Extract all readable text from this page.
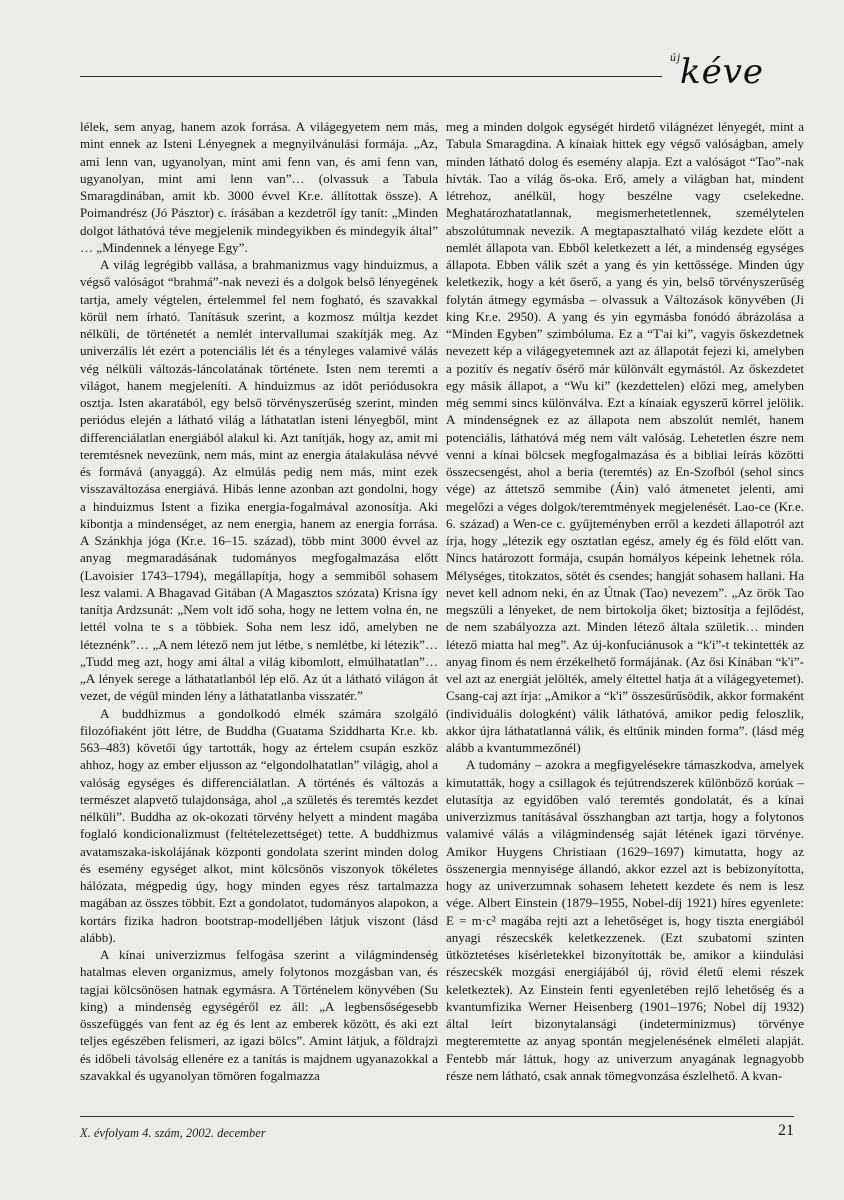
új
kéve

lélek, sem anyag, hanem azok forrása. A világegyetem nem más, mint ennek az Isteni Lényegnek a megnyilvánulási formája. „Az, ami lenn van, ugyanolyan, mint ami fenn van, és ami fenn van, ugyanolyan, mint ami lenn van”… (olvassuk a Tabula Smaragdinában, amit kb. 3000 évvel Kr.e. állítottak össze). A Poimandrész (Jó Pásztor) c. írásában a kezdetről így tanít: „Minden dolgot láthatóvá téve megjelenik mindegyikben és mindegyik által” … „Mindennek a lényege Egy”.

A világ legrégibb vallása, a brahmanizmus vagy hinduizmus, a végső valóságot “brahmá”-nak nevezi és a dolgok belső lényegének tartja, amely végtelen, értelemmel fel nem fogható, és szavakkal körül nem írható. Tanításuk szerint, a kozmosz múltja kezdet nélküli, de történetét a nemlét intervallumai szakítják meg. Az univerzális lét ezért a potenciális lét és a tényleges valamivé válás vég nélküli változás-láncolatának története. Isten nem teremti a világot, hanem megjeleníti. A hinduizmus az időt periódusokra osztja. Isten akaratából, egy belső törvényszerűség szerint, minden periódus elején a látható világ a láthatatlan isteni lényegből, mint differenciálatlan energiából alakul ki. Azt tanítják, hogy az, amit mi teremtésnek nevezünk, nem más, mint az energia átalakulása névvé és formává (anyaggá). Az elmúlás pedig nem más, mint ezek visszaváltozása energiává. Hibás lenne azonban azt gondolni, hogy a hinduizmus Istent a fizika energia-fogalmával azonosítja. Aki kibontja a mindenséget, az nem energia, hanem az energia forrása. A Szánkhja jóga (Kr.e. 16–15. század), több mint 3000 évvel az anyag megmaradásának tudományos megfogalmazása előtt (Lavoisier 1743–1794), megállapítja, hogy a semmiből sohasem lesz valami. A Bhagavad Gitában (A Magasztos szózata) Krisna így tanítja Ardzsunát: „Nem volt idő soha, hogy ne lettem volna én, ne lettél volna te s a többiek. Soha nem lesz idő, amelyben ne léteznénk”… „A nem létező nem jut létbe, s nemlétbe, ki létezik”… „Tudd meg azt, hogy ami által a világ kibomlott, elmúlhatatlan”… „A lények serege a láthatatlanból lép elő. Az út a látható világon át vezet, de végül minden lény a láthatatlanba visszatér.”

A buddhizmus a gondolkodó elmék számára szolgáló filozófiaként jött létre, de Buddha (Guatama Sziddharta Kr.e. kb. 563–483) követői úgy tartották, hogy az értelem csupán eszköz ahhoz, hogy az ember eljusson az “elgondolhatatlan” világig, ahol a valóság egységes és differenciálatlan. A történés és változás a természet alapvető tulajdonsága, ahol „a születés és teremtés kezdet nélküli”. Buddha az ok-okozati törvény helyett a mindent magába foglaló kondicionalizmust (feltételezettséget) tette. A buddhizmus avatamszaka-iskolájának központi gondolata szerint minden dolog és esemény egységet alkot, mint kölcsönös viszonyok tökéletes hálózata, mégpedig úgy, hogy minden egyes rész tartalmazza magában az összes többit. Ezt a gondolatot, tudományos alapokon, a kortárs fizika hadron bootstrap-modelljében látjuk viszont (lásd alább).

A kínai univerzizmus felfogása szerint a világmindenség hatalmas eleven organizmus, amely folytonos mozgásban van, és tagjai kölcsönösen hatnak egymásra. A Történelem könyvében (Su king) a mindenség egységéről ez áll: „A legbensőségesebb összefüggés van fent az ég és lent az emberek között, és aki ezt teljes egészében felismeri, az igazi bölcs”. Amint látjuk, a földrajzi és időbeli távolság ellenére ez a tanítás is majdnem ugyanazokkal a szavakkal és ugyanolyan tömören fogalmazza

meg a minden dolgok egységét hirdető világnézet lényegét, mint a Tabula Smaragdina. A kínaiak hittek egy végső valóságban, amely minden látható dolog és esemény alapja. Ezt a valóságot “Tao”-nak hívták. Tao a világ ős-oka. Erő, amely a világban hat, mindent létrehoz, anélkül, hogy beszélne vagy cselekedne. Meghatározhatatlannak, megismerhetetlennek, személytelen abszolútumnak nevezik. A megtapasztalható világ kezdete előtt a nemlét állapota van. Ebből keletkezett a lét, a mindenség egységes állapota. Ebben válik szét a yang és yin kettőssége. Minden úgy keletkezik, hogy a két őserő, a yang és yin, belső törvényszerűség folytán átmegy egymásba – olvassuk a Változások könyvében (Ji king Kr.e. 2950). A yang és yin egymásba fonódó ábrázolása a “Minden Egyben” szimbóluma. Ez a “T'ai ki”, vagyis őskezdetnek nevezett kép a világegyetemnek azt az állapotát fejezi ki, amelyben a pozitív és negatív ősérő már különvált egymástól. Az őskezdetet egy másik állapot, a “Wu ki” (kezdettelen) előzi meg, amelyben még semmi sincs különválva. Ezt a kínaiak egyszerű körrel jelölik. A mindenségnek ez az állapota nem abszolút nemlét, hanem potenciális, láthatóvá még nem vált valóság. Lehetetlen észre nem venni a kínai bölcsek megfogalmazása és a bibliai leírás közötti összecsengést, ahol a beria (teremtés) az En-Szofból (sehol sincs vége) az áttetsző semmibe (Áin) való átmenetet jelenti, ami megelőzi a véges dolgok/teremtmények megjelenését. Lao-ce (Kr.e. 6. század) a Wen-ce c. gyűjteményben erről a kezdeti állapotról azt írja, hogy „létezik egy osztatlan egész, amely ég és föld előtt van. Nincs határozott formája, csupán homályos képeink lehetnek róla. Mélységes, titokzatos, sötét és csendes; hangját sohasem hallani. Ha nevet kell adnom neki, én az Útnak (Tao) nevezem”. „Az örök Tao megszüli a lényeket, de nem birtokolja őket; biztosítja a fejlődést, de nem szabályozza azt. Minden létező általa születik… minden létező miatta hal meg”. Az új-konfuciánusok a “k'i”-t tekintették az anyag finom és nem érzékelhető formájának. (Az ősi Kínában “k'i”-vel azt az energiát jelölték, amely éltettel hatja át a világegyetemet). Csang-caj azt írja: „Amikor a “k'i” összesűrűsödik, akkor formaként (individuális dologként) válik láthatóvá, amikor pedig feloszlik, akkor újra láthatatlanná válik, és eltűnik minden forma”. (lásd még alább a kvantummezőnél)

A tudomány – azokra a megfigyelésekre támaszkodva, amelyek kimutatták, hogy a csillagok és tejútrendszerek különböző korúak – elutasítja az egyidőben való teremtés gondolatát, és a kínai univerzizmus tanításával összhangban azt tartja, hogy a folytonos valamivé válás a világmindenség saját létének igazi törvénye. Amikor Huygens Christiaan (1629–1697) kimutatta, hogy az összenergia mennyisége állandó, akkor ezzel azt is bebizonyította, hogy az univerzumnak sohasem lehetett kezdete és nem is lesz vége. Albert Einstein (1879–1955, Nobel-díj 1921) híres egyenlete: E = m·c² magába rejti azt a lehetőséget is, hogy tiszta energiából anyagi részecskék keletkezzenek. (Ezt szubatomi szinten ütköztetéses kísérletekkel bizonyították be, amikor a kiindulási részecskék mozgási energiájából új, rövid életű elemi részek keletkeztek). Az Einstein fenti egyenletében rejlő lehetőség és a kvantumfizika Werner Heisenberg (1901–1976; Nobel díj 1932) által leírt bizonytalansági (indeterminizmus) törvénye megteremtette az anyag spontán megjelenésének elméleti alapját. Fentebb már láttuk, hogy az univerzum anyagának legnagyobb része nem látható, csak annak tömegvonzása észlelhető. A kvan-

X. évfolyam 4. szám, 2002. december	21
